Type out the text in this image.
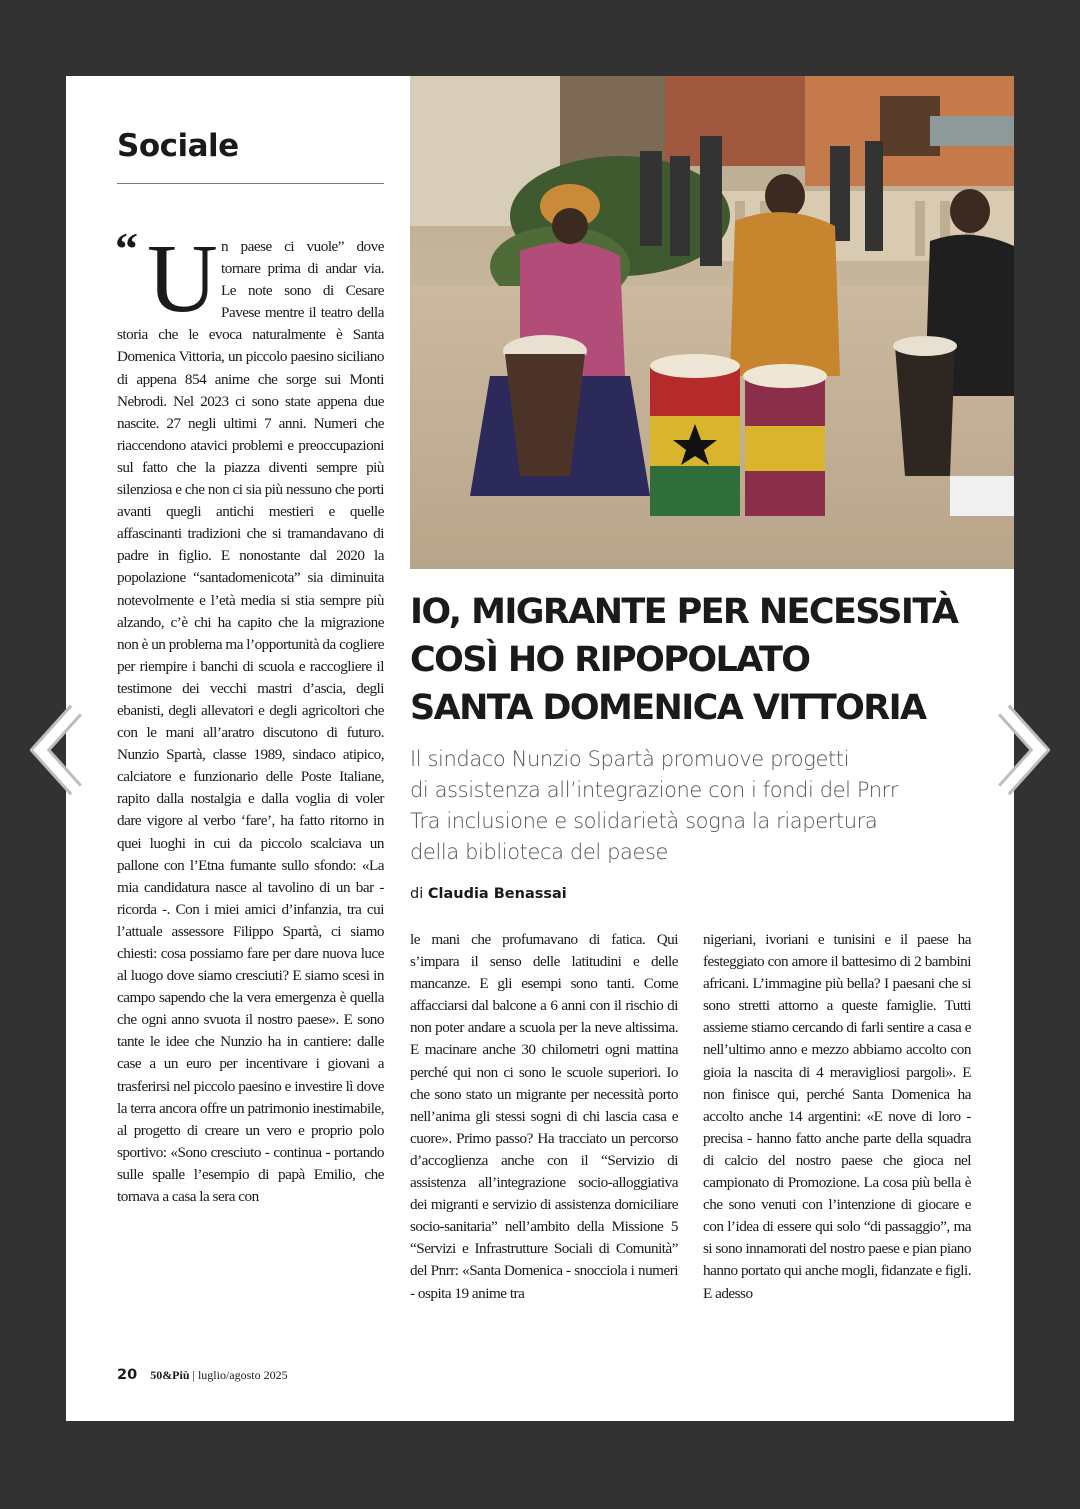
Sociale
“ U n paese ci vuole” dove tornare prima di andar via. Le note sono di Cesare Pavese mentre il teatro della storia che le evoca naturalmente è Santa Domenica Vittoria, un piccolo paesino siciliano di appena 854 anime che sorge sui Monti Nebrodi. Nel 2023 ci sono state appena due nascite. 27 negli ultimi 7 anni. Numeri che riaccendono atavici problemi e preoccupazioni sul fatto che la piazza diventi sempre più silenziosa e che non ci sia più nessuno che porti avanti quegli antichi mestieri e quelle affascinanti tradizioni che si tramandavano di padre in figlio. E nonostante dal 2020 la popolazione “santadomenicota” sia diminuita notevolmente e l’età media si stia sempre più alzando, c’è chi ha capito che la migrazione non è un problema ma l’opportunità da cogliere per riempire i banchi di scuola e raccogliere il testimone dei vecchi mastri d’ascia, degli ebanisti, degli allevatori e degli agricoltori che con le mani all’aratro discutono di futuro. Nunzio Spartà, classe 1989, sindaco atipico, calciatore e funzionario delle Poste Italiane, rapito dalla nostalgia e dalla voglia di voler dare vigore al verbo ‘fare’, ha fatto ritorno in quei luoghi in cui da piccolo scalciava un pallone con l’Etna fumante sullo sfondo: «La mia candidatura nasce al tavolino di un bar - ricorda -. Con i miei amici d’infanzia, tra cui l’attuale assessore Filippo Spartà, ci siamo chiesti: cosa possiamo fare per dare nuova luce al luogo dove siamo cresciuti? E siamo scesi in campo sapendo che la vera emergenza è quella che ogni anno svuota il nostro paese». E sono tante le idee che Nunzio ha in cantiere: dalle case a un euro per incentivare i giovani a trasferirsi nel piccolo paesino e investire lì dove la terra ancora offre un patrimonio inestimabile, al progetto di creare un vero e proprio polo sportivo: «Sono cresciuto - continua - portando sulle spalle l’esempio di papà Emilio, che tornava a casa la sera con
IO, MIGRANTE PER NECESSITÀ
COSÌ HO RIPOPOLATO
SANTA DOMENICA VITTORIA
Il sindaco Nunzio Spartà promuove progetti
di assistenza all’integrazione con i fondi del Pnrr
Tra inclusione e solidarietà sogna la riapertura
della biblioteca del paese
di Claudia Benassai
le mani che profumavano di fatica. Qui s’impara il senso delle latitudini e delle mancanze. E gli esempi sono tanti. Come affacciarsi dal balcone a 6 anni con il rischio di non poter andare a scuola per la neve altissima. E macinare anche 30 chilometri ogni mattina perché qui non ci sono le scuole superiori. Io che sono stato un migrante per necessità porto nell’anima gli stessi sogni di chi lascia casa e cuore». Primo passo? Ha tracciato un percorso d’accoglienza anche con il “Servizio di assistenza all’integrazione socio-alloggiativa dei migranti e servizio di assistenza domiciliare socio-sanitaria” nell’ambito della Missione 5 “Servizi e Infrastrutture Sociali di Comunità” del Pnrr: «Santa Domenica - snocciola i numeri - ospita 19 anime tra
nigeriani, ivoriani e tunisini e il paese ha festeggiato con amore il battesimo di 2 bambini africani. L’immagine più bella? I paesani che si sono stretti attorno a queste famiglie. Tutti assieme stiamo cercando di farli sentire a casa e nell’ultimo anno e mezzo abbiamo accolto con gioia la nascita di 4 meravigliosi pargoli». E non finisce qui, perché Santa Domenica ha accolto anche 14 argentini: «E nove di loro - precisa - hanno fatto anche parte della squadra di calcio del nostro paese che gioca nel campionato di Promozione. La cosa più bella è che sono venuti con l’intenzione di giocare e con l’idea di essere qui solo “di passaggio”, ma si sono innamorati del nostro paese e pian piano hanno portato qui anche mogli, fidanzate e figli. E adesso
20 50&Più | luglio/agosto 2025
